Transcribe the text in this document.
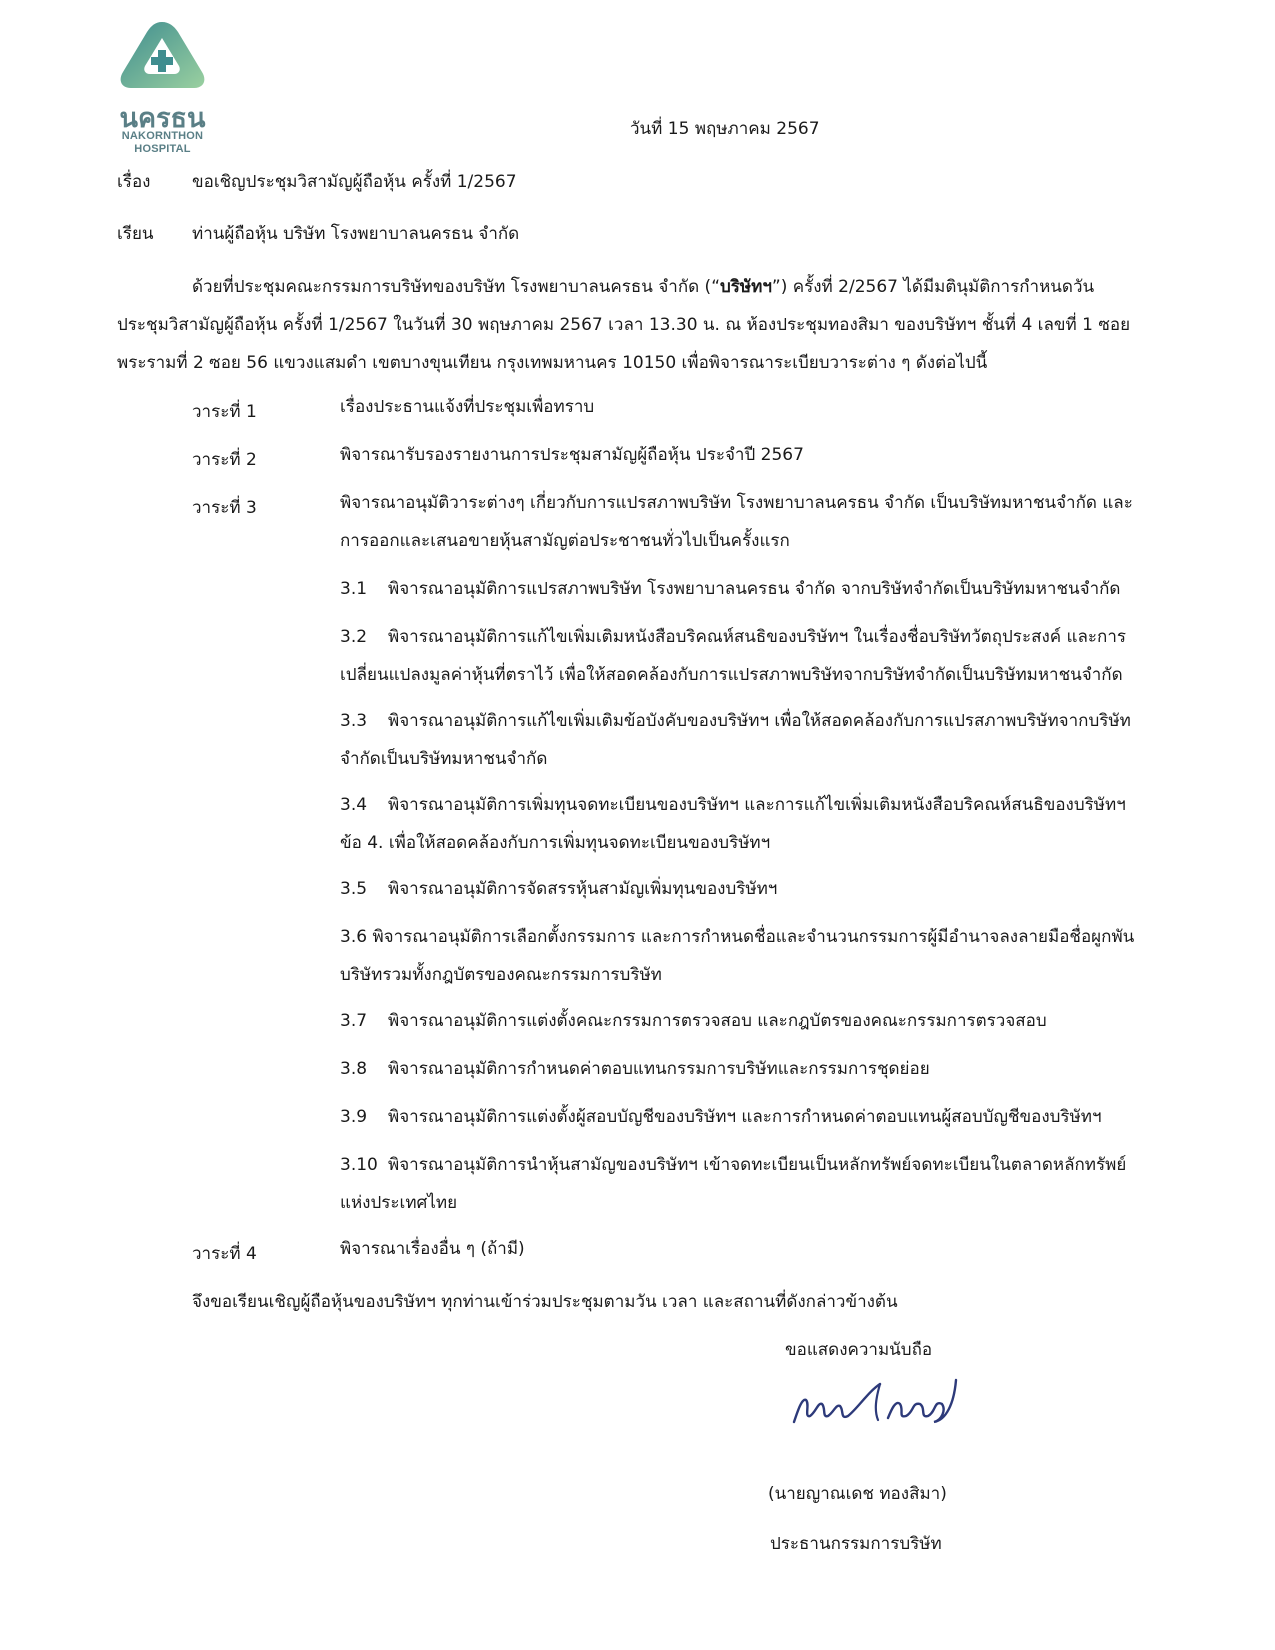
นครธน
NAKORNTHON
HOSPITAL
วันที่ 15 พฤษภาคม 2567
เรื่อง ขอเชิญประชุมวิสามัญผู้ถือหุ้น ครั้งที่ 1/2567
เรียน ท่านผู้ถือหุ้น บริษัท โรงพยาบาลนครธน จำกัด

ด้วยที่ประชุมคณะกรรมการบริษัทของบริษัท โรงพยาบาลนครธน จำกัด (“บริษัทฯ”) ครั้งที่ 2/2567 ได้มีมตินุมัติการกำหนดวัน

ประชุมวิสามัญผู้ถือหุ้น ครั้งที่ 1/2567 ในวันที่ 30 พฤษภาคม 2567 เวลา 13.30 น. ณ ห้องประชุมทองสิมา ของบริษัทฯ ชั้นที่ 4 เลขที่ 1 ซอย

พระรามที่ 2 ซอย 56 แขวงแสมดำ เขตบางขุนเทียน กรุงเทพมหานคร 10150 เพื่อพิจารณาระเบียบวาระต่าง ๆ ดังต่อไปนี้

วาระที่ 1	เรื่องประธานแจ้งที่ประชุมเพื่อทราบ
วาระที่ 2	พิจารณารับรองรายงานการประชุมสามัญผู้ถือหุ้น ประจำปี 2567
วาระที่ 3	พิจารณาอนุมัติวาระต่างๆ เกี่ยวกับการแปรสภาพบริษัท โรงพยาบาลนครธน จำกัด เป็นบริษัทมหาชนจำกัด และ
การออกและเสนอขายหุ้นสามัญต่อประชาชนทั่วไปเป็นครั้งแรก
3.1 พิจารณาอนุมัติการแปรสภาพบริษัท โรงพยาบาลนครธน จำกัด จากบริษัทจำกัดเป็นบริษัทมหาชนจำกัด
3.2 พิจารณาอนุมัติการแก้ไขเพิ่มเติมหนังสือบริคณห์สนธิของบริษัทฯ ในเรื่องชื่อบริษัทวัตถุประสงค์ และการ
เปลี่ยนแปลงมูลค่าหุ้นที่ตราไว้ เพื่อให้สอดคล้องกับการแปรสภาพบริษัทจากบริษัทจำกัดเป็นบริษัทมหาชนจำกัด
3.3 พิจารณาอนุมัติการแก้ไขเพิ่มเติมข้อบังคับของบริษัทฯ เพื่อให้สอดคล้องกับการแปรสภาพบริษัทจากบริษัท
จำกัดเป็นบริษัทมหาชนจำกัด
3.4 พิจารณาอนุมัติการเพิ่มทุนจดทะเบียนของบริษัทฯ และการแก้ไขเพิ่มเติมหนังสือบริคณห์สนธิของบริษัทฯ
ข้อ 4. เพื่อให้สอดคล้องกับการเพิ่มทุนจดทะเบียนของบริษัทฯ
3.5 พิจารณาอนุมัติการจัดสรรหุ้นสามัญเพิ่มทุนของบริษัทฯ
3.6 พิจารณาอนุมัติการเลือกตั้งกรรมการ และการกำหนดชื่อและจำนวนกรรมการผู้มีอำนาจลงลายมือชื่อผูกพัน
บริษัทรวมทั้งกฎบัตรของคณะกรรมการบริษัท
3.7 พิจารณาอนุมัติการแต่งตั้งคณะกรรมการตรวจสอบ และกฎบัตรของคณะกรรมการตรวจสอบ
3.8 พิจารณาอนุมัติการกำหนดค่าตอบแทนกรรมการบริษัทและกรรมการชุดย่อย
3.9 พิจารณาอนุมัติการแต่งตั้งผู้สอบบัญชีของบริษัทฯ และการกำหนดค่าตอบแทนผู้สอบบัญชีของบริษัทฯ
3.10 พิจารณาอนุมัติการนำหุ้นสามัญของบริษัทฯ เข้าจดทะเบียนเป็นหลักทรัพย์จดทะเบียนในตลาดหลักทรัพย์
แห่งประเทศไทย
วาระที่ 4	พิจารณาเรื่องอื่น ๆ (ถ้ามี)
จึงขอเรียนเชิญผู้ถือหุ้นของบริษัทฯ ทุกท่านเข้าร่วมประชุมตามวัน เวลา และสถานที่ดังกล่าวข้างต้น
ขอแสดงความนับถือ
(นายญาณเดช ทองสิมา)
ประธานกรรมการบริษัท
